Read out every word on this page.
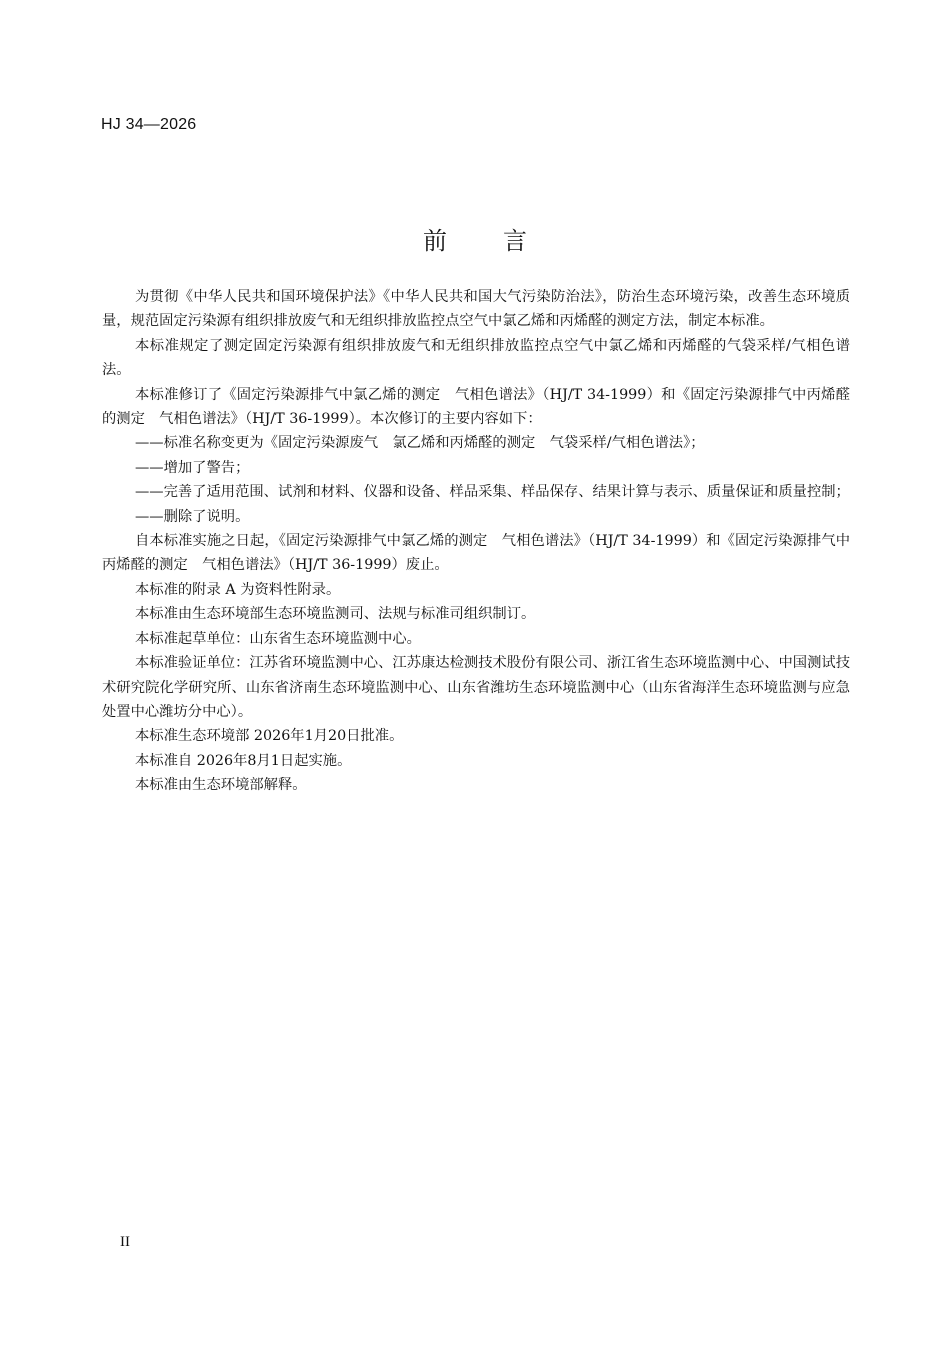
HJ 34—2026
前言

为贯彻《中华人民共和国环境保护法》《中华人民共和国大气污染防治法》，防治生态环境污染，改善生态环境质量，规范固定污染源有组织排放废气和无组织排放监控点空气中氯乙烯和丙烯醛的测定方法，制定本标准。

本标准规定了测定固定污染源有组织排放废气和无组织排放监控点空气中氯乙烯和丙烯醛的气袋采样/气相色谱法。

本标准修订了《固定污染源排气中氯乙烯的测定　气相色谱法》（HJ/T 34-1999）和《固定污染源排气中丙烯醛的测定　气相色谱法》（HJ/T 36-1999）。本次修订的主要内容如下：

——标准名称变更为《固定污染源废气　氯乙烯和丙烯醛的测定　气袋采样/气相色谱法》；

——增加了警告；

——完善了适用范围、试剂和材料、仪器和设备、样品采集、样品保存、结果计算与表示、质量保证和质量控制；

——删除了说明。

自本标准实施之日起，《固定污染源排气中氯乙烯的测定　气相色谱法》（HJ/T 34-1999）和《固定污染源排气中丙烯醛的测定　气相色谱法》（HJ/T 36-1999）废止。

本标准的附录 A 为资料性附录。

本标准由生态环境部生态环境监测司、法规与标准司组织制订。

本标准起草单位：山东省生态环境监测中心。

本标准验证单位：江苏省环境监测中心、江苏康达检测技术股份有限公司、浙江省生态环境监测中心、中国测试技术研究院化学研究所、山东省济南生态环境监测中心、山东省潍坊生态环境监测中心（山东省海洋生态环境监测与应急处置中心潍坊分中心）。

本标准生态环境部 2026年1月20日批准。

本标准自 2026年8月1日起实施。

本标准由生态环境部解释。

II
